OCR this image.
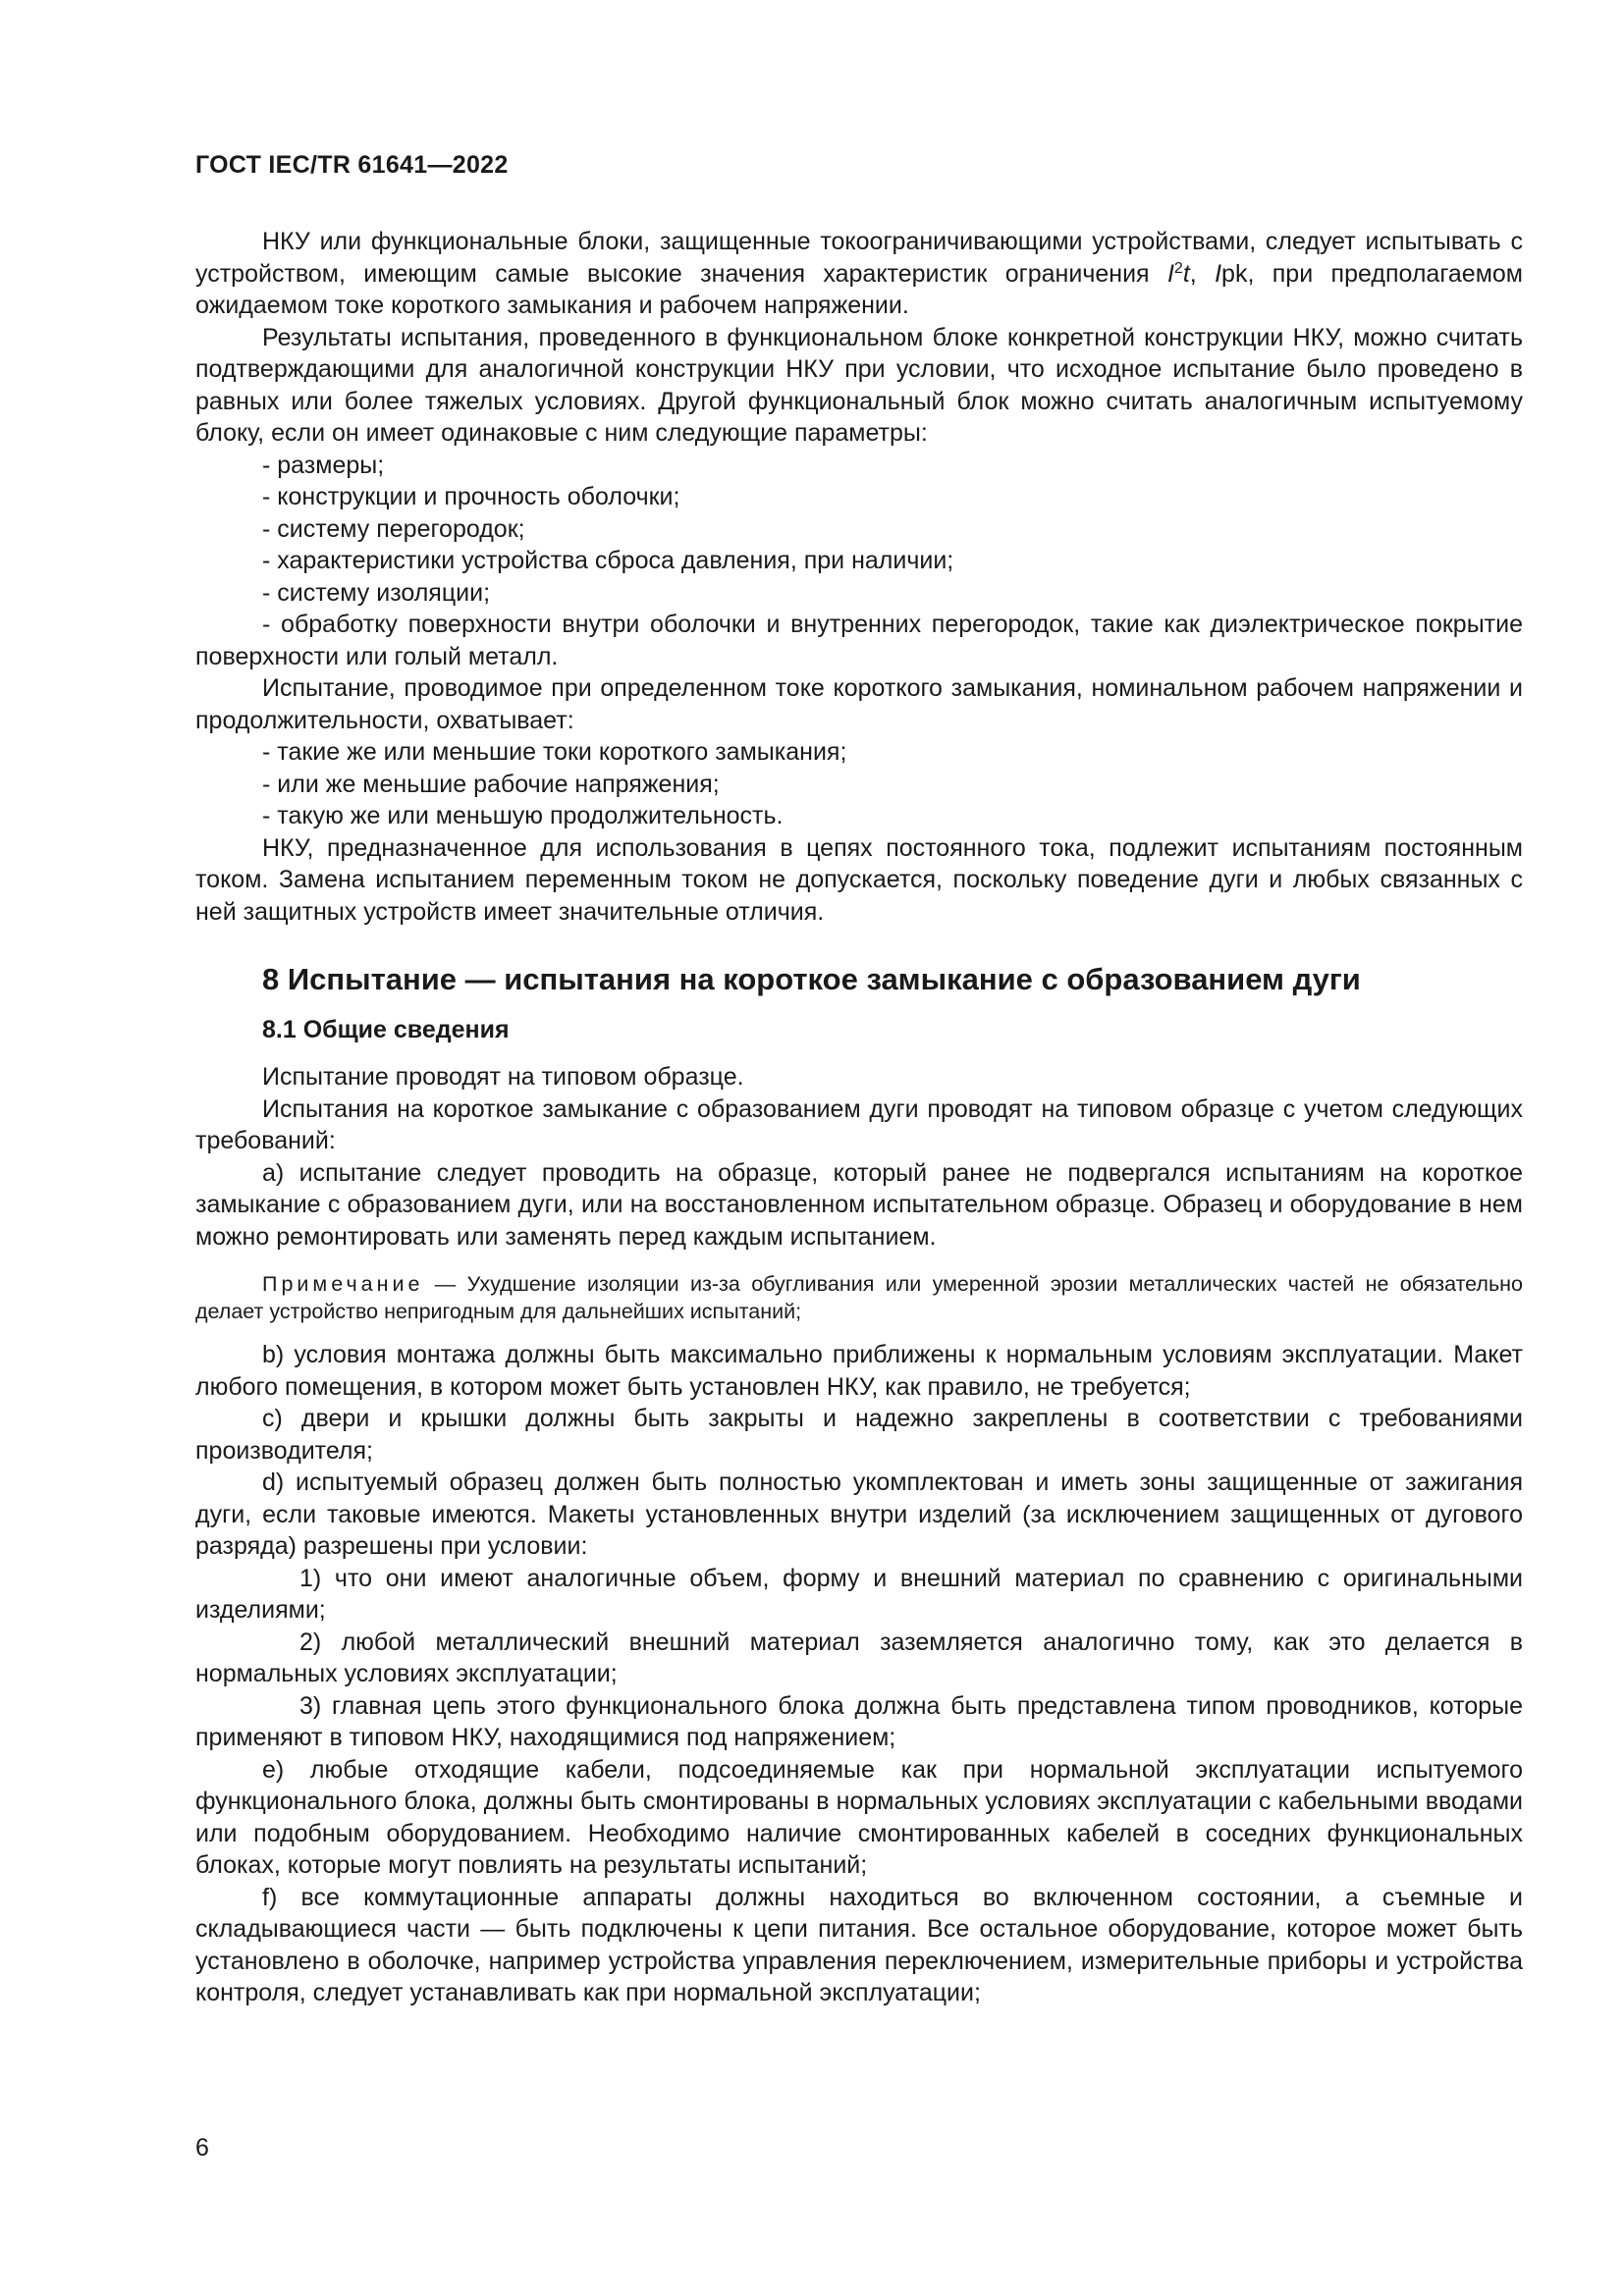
ГОСТ IEC/TR 61641—2022

НКУ или функциональные блоки, защищенные токоограничивающими устройствами, следует испытывать с устройством, имеющим самые высокие значения характеристик ограничения $I^2t$, Ipk, при предполагаемом ожидаемом токе короткого замыкания и рабочем напряжении.

Результаты испытания, проведенного в функциональном блоке конкретной конструкции НКУ, можно считать подтверждающими для аналогичной конструкции НКУ при условии, что исходное испытание было проведено в равных или более тяжелых условиях. Другой функциональный блок можно считать аналогичным испытуемому блоку, если он имеет одинаковые с ним следующие параметры:

- размеры;

- конструкции и прочность оболочки;

- систему перегородок;

- характеристики устройства сброса давления, при наличии;

- систему изоляции;

- обработку поверхности внутри оболочки и внутренних перегородок, такие как диэлектрическое покрытие поверхности или голый металл.

Испытание, проводимое при определенном токе короткого замыкания, номинальном рабочем напряжении и продолжительности, охватывает:

- такие же или меньшие токи короткого замыкания;

- или же меньшие рабочие напряжения;

- такую же или меньшую продолжительность.

НКУ, предназначенное для использования в цепях постоянного тока, подлежит испытаниям постоянным током. Замена испытанием переменным током не допускается, поскольку поведение дуги и любых связанных с ней защитных устройств имеет значительные отличия.

8 Испытание — испытания на короткое замыкание с образованием дуги
8.1 Общие сведения

Испытание проводят на типовом образце.

Испытания на короткое замыкание с образованием дуги проводят на типовом образце с учетом следующих требований:

a) испытание следует проводить на образце, который ранее не подвергался испытаниям на короткое замыкание с образованием дуги, или на восстановленном испытательном образце. Образец и оборудование в нем можно ремонтировать или заменять перед каждым испытанием.

Примечание — Ухудшение изоляции из-за обугливания или умеренной эрозии металлических частей не обязательно делает устройство непригодным для дальнейших испытаний;

b) условия монтажа должны быть максимально приближены к нормальным условиям эксплуатации. Макет любого помещения, в котором может быть установлен НКУ, как правило, не требуется;

c) двери и крышки должны быть закрыты и надежно закреплены в соответствии с требованиями производителя;

d) испытуемый образец должен быть полностью укомплектован и иметь зоны защищенные от зажигания дуги, если таковые имеются. Макеты установленных внутри изделий (за исключением защищенных от дугового разряда) разрешены при условии:

1) что они имеют аналогичные объем, форму и внешний материал по сравнению с оригинальными изделиями;

2) любой металлический внешний материал заземляется аналогично тому, как это делается в нормальных условиях эксплуатации;

3) главная цепь этого функционального блока должна быть представлена типом проводников, которые применяют в типовом НКУ, находящимися под напряжением;

e) любые отходящие кабели, подсоединяемые как при нормальной эксплуатации испытуемого функционального блока, должны быть смонтированы в нормальных условиях эксплуатации с кабельными вводами или подобным оборудованием. Необходимо наличие смонтированных кабелей в соседних функциональных блоках, которые могут повлиять на результаты испытаний;

f) все коммутационные аппараты должны находиться во включенном состоянии, а съемные и складывающиеся части — быть подключены к цепи питания. Все остальное оборудование, которое может быть установлено в оболочке, например устройства управления переключением, измерительные приборы и устройства контроля, следует устанавливать как при нормальной эксплуатации;

6
